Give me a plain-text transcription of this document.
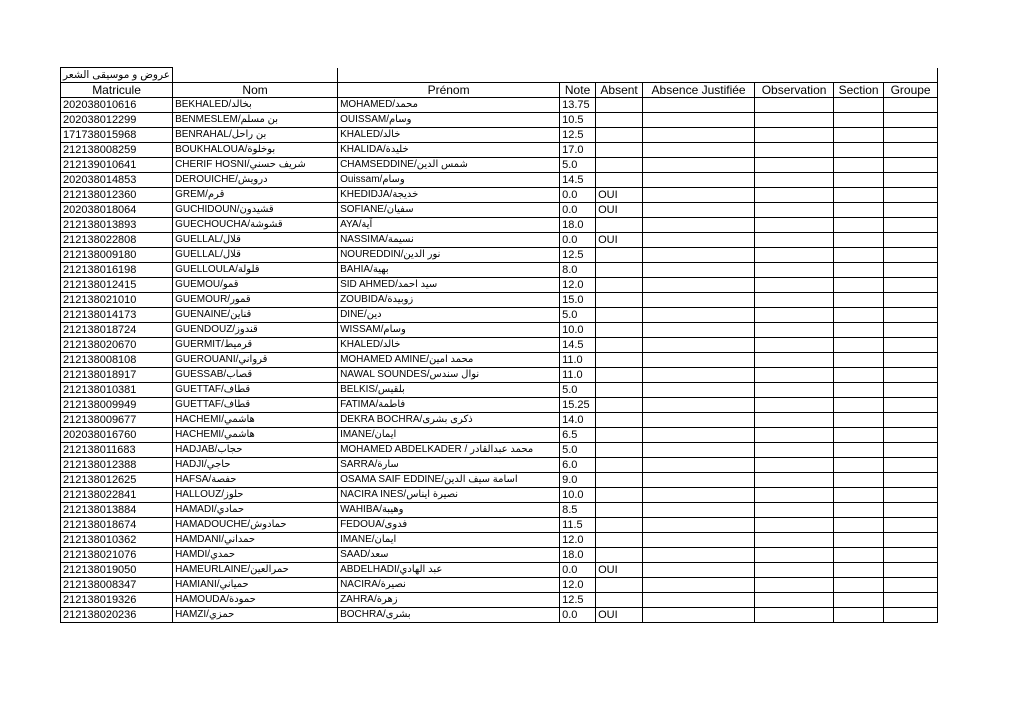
عروض و موسيقى الشعر								
Matricule	Nom	Prénom	Note	Absent	Absence Justifiée	Observation	Section	Groupe
202038010616	BEKHALED/بخالد	MOHAMED/محمد	13.75					
202038012299	BENMESLEM/بن مسلم	OUISSAM/وسام	10.5					
171738015968	BENRAHAL/بن راحل	KHALED/خالد	12.5					
212138008259	BOUKHALOUA/بوخلوة	KHALIDA/خليدة	17.0					
212139010641	CHERIF HOSNI/شريف حسني	CHAMSEDDINE/شمس الدين	5.0					
202038014853	DEROUICHE/درويش	Ouissam/وسام	14.5					
212138012360	GREM/قرم	KHEDIDJA/خديجة	0.0	OUI				
202038018064	GUCHIDOUN/قشيدون	SOFIANE/سفيان	0.0	OUI				
212138013893	GUECHOUCHA/قشوشة	AYA/آية	18.0					
212138022808	GUELLAL/قلال	NASSIMA/نسيمة	0.0	OUI				
212138009180	GUELLAL/قلال	NOUREDDIN/نور الدين	12.5					
212138016198	GUELLOULA/قلولة	BAHIA/بهية	8.0					
212138012415	GUEMOU/قمو	SID AHMED/سيد احمد	12.0					
212138021010	GUEMOUR/قمور	ZOUBIDA/زوبيدة	15.0					
212138014173	GUENAINE/قناين	DINE/دين	5.0					
212138018724	GUENDOUZ/قندوز	WISSAM/وسام	10.0					
212138020670	GUERMIT/قرميط	KHALED/خالد	14.5					
212138008108	GUEROUANI/قرواني	MOHAMED AMINE/محمد امين	11.0					
212138018917	GUESSAB/قصاب	NAWAL SOUNDES/نوال سندس	11.0					
212138010381	GUETTAF/قطاف	BELKIS/بلقيس	5.0					
212138009949	GUETTAF/قطاف	FATIMA/فاطمة	15.25					
212138009677	HACHEMI/هاشمي	DEKRA BOCHRA/ذكرى بشرى	14.0					
202038016760	HACHEMI/هاشمي	IMANE/ايمان	6.5					
212138011683	HADJAB/حجاب	MOHAMED ABDELKADER / محمد عبدالقادر	5.0					
212138012388	HADJI/حاجي	SARRA/سارة	6.0					
212138012625	HAFSA/حفصة	OSAMA SAIF EDDINE/اسامة سيف الدين	9.0					
212138022841	HALLOUZ/حلوز	NACIRA INES/نصيرة ايناس	10.0					
212138013884	HAMADI/حمادي	WAHIBA/وهيبة	8.5					
212138018674	HAMADOUCHE/حمادوش	FEDOUA/فدوى	11.5					
212138010362	HAMDANI/حمداني	IMANE/ايمان	12.0					
212138021076	HAMDI/حمدي	SAAD/سعد	18.0					
212138019050	HAMEURLAINE/حمرالعين	ABDELHADI/عبد الهادي	0.0	OUI				
212138008347	HAMIANI/حمياني	NACIRA/نصيرة	12.0					
212138019326	HAMOUDA/حمودة	ZAHRA/زهرة	12.5					
212138020236	HAMZI/حمزي	BOCHRA/بشرى	0.0	OUI				
